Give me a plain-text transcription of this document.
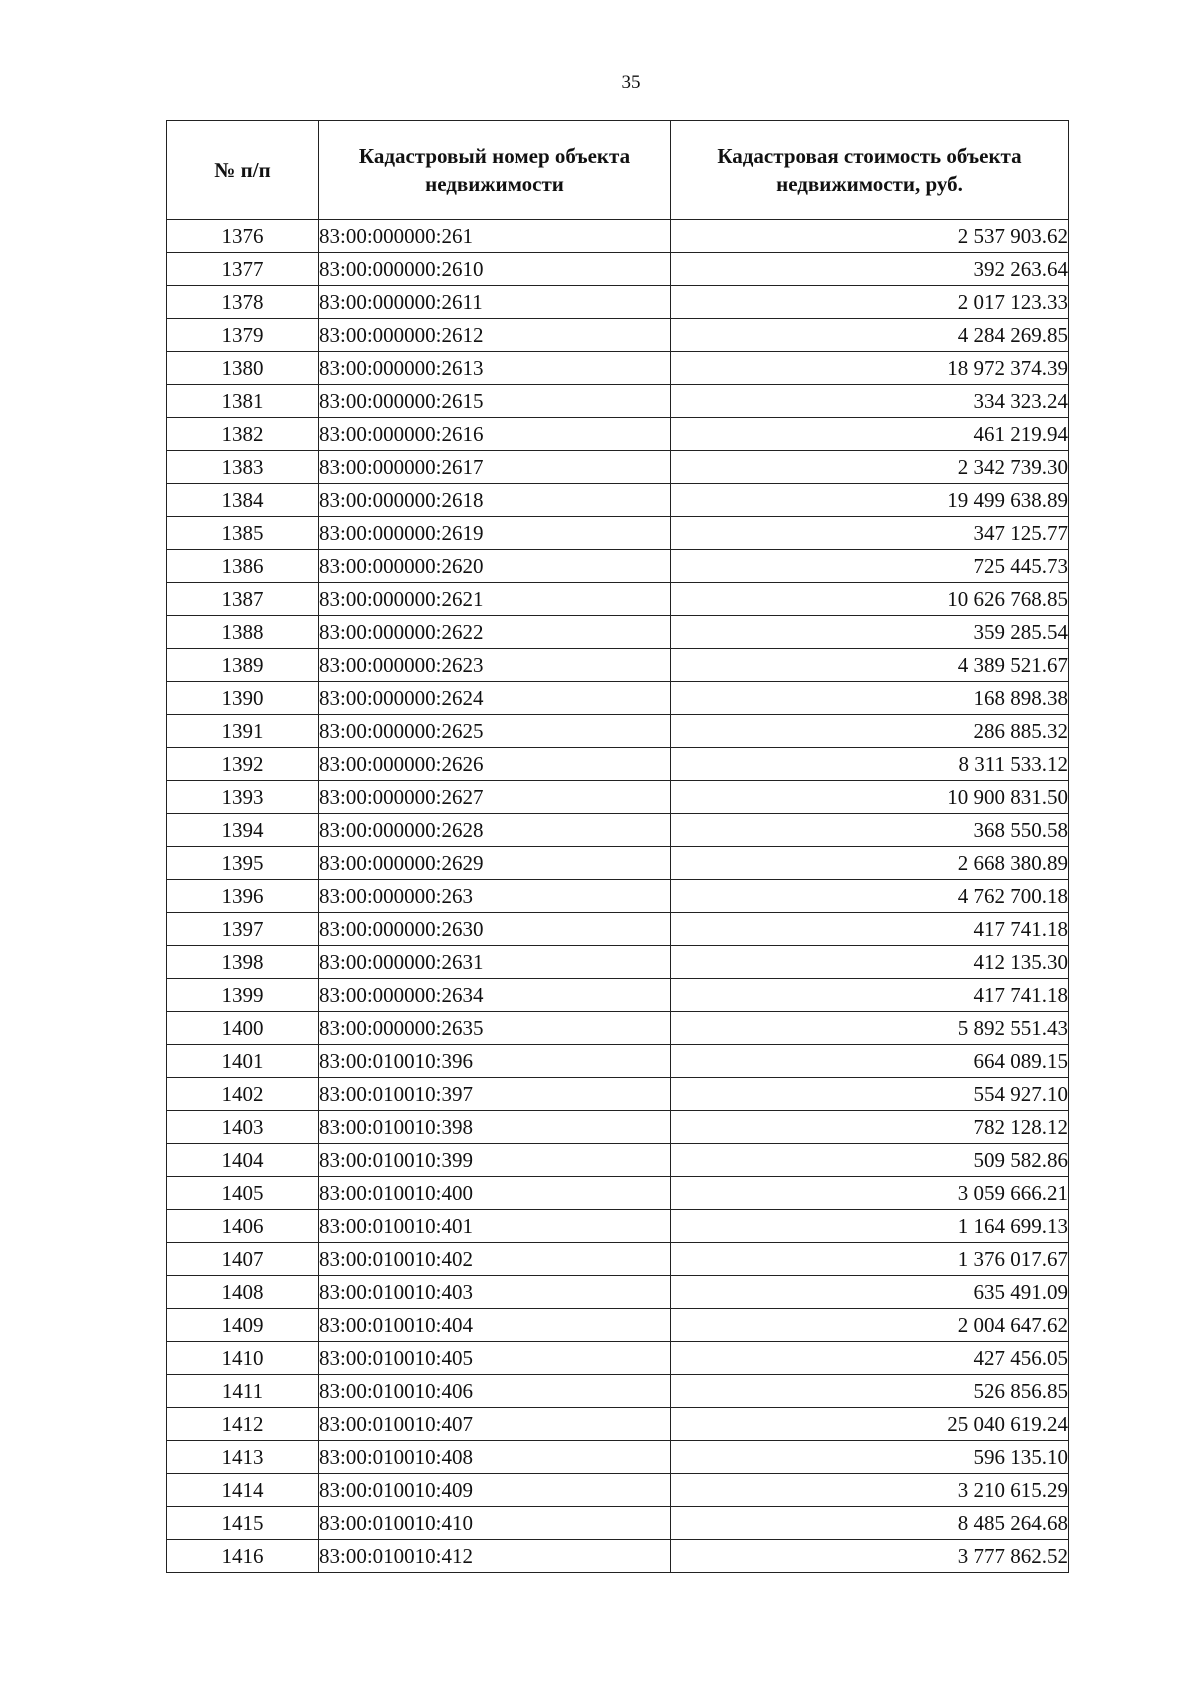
35
№ п/п	Кадастровый номер объекта недвижимости	Кадастровая стоимость объекта недвижимости, руб.
1376	83:00:000000:261	2 537 903.62
1377	83:00:000000:2610	392 263.64
1378	83:00:000000:2611	2 017 123.33
1379	83:00:000000:2612	4 284 269.85
1380	83:00:000000:2613	18 972 374.39
1381	83:00:000000:2615	334 323.24
1382	83:00:000000:2616	461 219.94
1383	83:00:000000:2617	2 342 739.30
1384	83:00:000000:2618	19 499 638.89
1385	83:00:000000:2619	347 125.77
1386	83:00:000000:2620	725 445.73
1387	83:00:000000:2621	10 626 768.85
1388	83:00:000000:2622	359 285.54
1389	83:00:000000:2623	4 389 521.67
1390	83:00:000000:2624	168 898.38
1391	83:00:000000:2625	286 885.32
1392	83:00:000000:2626	8 311 533.12
1393	83:00:000000:2627	10 900 831.50
1394	83:00:000000:2628	368 550.58
1395	83:00:000000:2629	2 668 380.89
1396	83:00:000000:263	4 762 700.18
1397	83:00:000000:2630	417 741.18
1398	83:00:000000:2631	412 135.30
1399	83:00:000000:2634	417 741.18
1400	83:00:000000:2635	5 892 551.43
1401	83:00:010010:396	664 089.15
1402	83:00:010010:397	554 927.10
1403	83:00:010010:398	782 128.12
1404	83:00:010010:399	509 582.86
1405	83:00:010010:400	3 059 666.21
1406	83:00:010010:401	1 164 699.13
1407	83:00:010010:402	1 376 017.67
1408	83:00:010010:403	635 491.09
1409	83:00:010010:404	2 004 647.62
1410	83:00:010010:405	427 456.05
1411	83:00:010010:406	526 856.85
1412	83:00:010010:407	25 040 619.24
1413	83:00:010010:408	596 135.10
1414	83:00:010010:409	3 210 615.29
1415	83:00:010010:410	8 485 264.68
1416	83:00:010010:412	3 777 862.52
